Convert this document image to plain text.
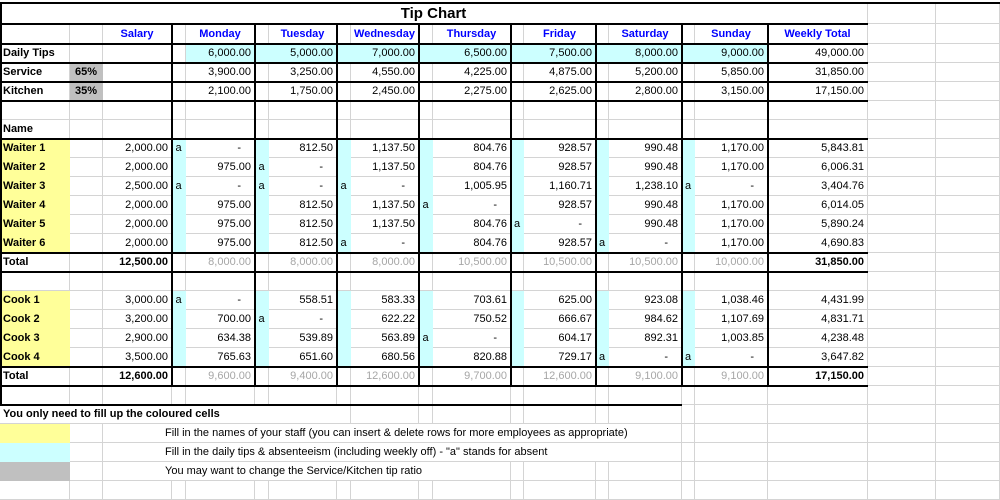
Tip Chart																			
		Salary		Monday		Tuesday		Wednesday		Thursday		Friday		Saturday		Sunday	Weekly Total		
Daily Tips				6,000.00		5,000.00		7,000.00		6,500.00		7,500.00		8,000.00		9,000.00	49,000.00		
Service	65%			3,900.00		3,250.00		4,550.00		4,225.00		4,875.00		5,200.00		5,850.00	31,850.00		
Kitchen	35%			2,100.00		1,750.00		2,450.00		2,275.00		2,625.00		2,800.00		3,150.00	17,150.00		

Name																			
Waiter 1		2,000.00	a	-		812.50		1,137.50		804.76		928.57		990.48		1,170.00	5,843.81		
Waiter 2		2,000.00		975.00	a	-		1,137.50		804.76		928.57		990.48		1,170.00	6,006.31		
Waiter 3		2,500.00	a	-	a	-	a	-		1,005.95		1,160.71		1,238.10	a	-	3,404.76		
Waiter 4		2,000.00		975.00		812.50		1,137.50	a	-		928.57		990.48		1,170.00	6,014.05		
Waiter 5		2,000.00		975.00		812.50		1,137.50		804.76	a	-		990.48		1,170.00	5,890.24		
Waiter 6		2,000.00		975.00		812.50	a	-		804.76		928.57	a	-		1,170.00	4,690.83		
Total		12,500.00		8,000.00		8,000.00		8,000.00		10,500.00		10,500.00		10,500.00		10,000.00	31,850.00		

Cook 1		3,000.00	a	-		558.51		583.33		703.61		625.00		923.08		1,038.46	4,431.99		
Cook 2		3,200.00		700.00	a	-		622.22		750.52		666.67		984.62		1,107.69	4,831.71		
Cook 3		2,900.00		634.38		539.89		563.89	a	-		604.17		892.31		1,003.85	4,238.48		
Cook 4		3,500.00		765.63		651.60		680.56		820.88		729.17	a	-	a	-	3,647.82		
Total		12,600.00		9,600.00		9,400.00		12,600.00		9,700.00		12,600.00		9,100.00		9,100.00	17,150.00		

You only need to fill up the coloured cells																			
		Fill in the names of your staff (you can insert & delete rows for more employees as appropriate)																	
		Fill in the daily tips & absenteeism (including weekly off) - "a" stands for absent																	
		You may want to change the Service/Kitchen tip ratio																	
